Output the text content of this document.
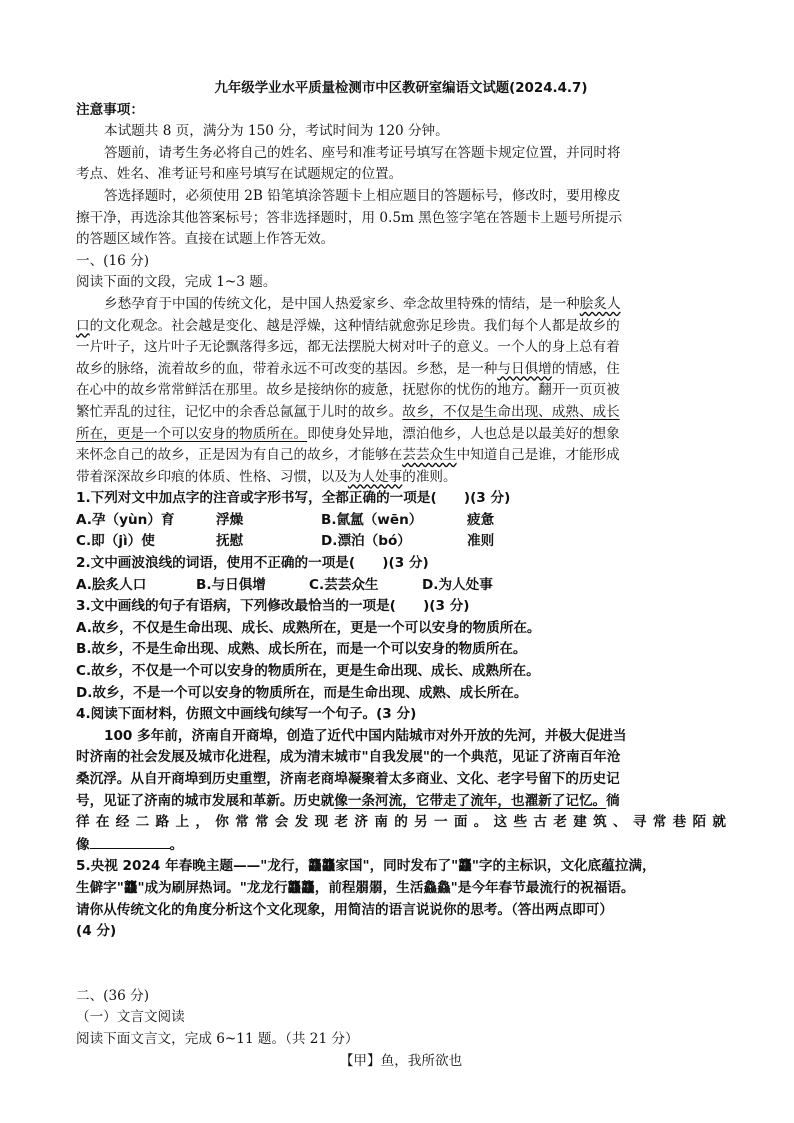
九年级学业水平质量检测市中区教研室编语文试题(2024.4.7)
注意事项：
本试题共 8 页，满分为 150 分，考试时间为 120 分钟。
答题前，请考生务必将自己的姓名、座号和准考证号填写在答题卡规定位置，并同时将
考点、姓名、准考证号和座号填写在试题规定的位置。
答选择题时，必须使用 2B 铅笔填涂答题卡上相应题目的答题标号，修改时，要用橡皮
擦干净，再选涂其他答案标号；答非选择题时，用 0.5m 黑色签字笔在答题卡上题号所提示
的答题区域作答。直接在试题上作答无效。
一、(16 分)
阅读下面的文段，完成 1~3 题。
乡愁孕育于中国的传统文化，是中国人热爱家乡、牵念故里特殊的情结，是一种脍炙人
口的文化观念。社会越是变化、越是浮燥，这种情结就愈弥足珍贵。我们每个人都是故乡的
一片叶子，这片叶子无论飘落得多远，都无法摆脱大树对叶子的意义。一个人的身上总有着
故乡的脉络，流着故乡的血，带着永远不可改变的基因。乡愁，是一种与日俱增的情感，住
在心中的故乡常常鲜活在那里。故乡是接纳你的疲惫，抚慰你的忧伤的地方。翻开一页页被
繁忙弄乱的过往，记忆中的余香总氤氲于儿时的故乡。故乡，不仅是生命出现、成熟、成长
所在，更是一个可以安身的物质所在。即使身处异地，漂泊他乡，人也总是以最美好的想象
来怀念自己的故乡，正是因为有自己的故乡，才能够在芸芸众生中知道自己是谁，才能形成
带着深深故乡印痕的体质、性格、习惯，以及为人处事的准则。
1.下列对文中加点字的注音或字形书写，全都正确的一项是(　　)(3 分)
A.孕（yùn）育	浮燥	B.氤氲（wēn）	疲惫
C.即（jì）使	抚慰	D.漂泊（bó）	准则
2.文中画波浪线的词语，使用不正确的一项是(　　)(3 分)
A.脍炙人口	B.与日俱增	C.芸芸众生	D.为人处事
3.文中画线的句子有语病，下列修改最恰当的一项是(　　)(3 分)
A.故乡，不仅是生命出现、成长、成熟所在，更是一个可以安身的物质所在。
B.故乡，不是生命出现、成熟、成长所在，而是一个可以安身的物质所在。
C.故乡，不仅是一个可以安身的物质所在，更是生命出现、成长、成熟所在。
D.故乡，不是一个可以安身的物质所在，而是生命出现、成熟、成长所在。
4.阅读下面材料，仿照文中画线句续写一个句子。(3 分)
100 多年前，济南自开商埠，创造了近代中国内陆城市对外开放的先河，并极大促进当
时济南的社会发展及城市化进程，成为清末城市"自我发展"的一个典范，见证了济南百年沧
桑沉浮。从自开商埠到历史重塑，济南老商埠凝聚着太多商业、文化、老字号留下的历史记
号，见证了济南的城市发展和革新。历史就像一条河流，它带走了流年，也濯新了记忆。徜
徉在经二路上，你常常会发现老济南的另一面。这些古老建筑、寻常巷陌就
像	。
5.央视 2024 年春晚主题——"龙行，龘龘家国"，同时发布了"龘"字的主标识，文化底蕴拉满，
生僻字"龘"成为刷屏热词。"龙龙行龘龘，前程朤朤，生活鱻鱻"是今年春节最流行的祝福语。
请你从传统文化的角度分析这个文化现象，用简洁的语言说说你的思考。（答出两点即可）
(4 分)
二、(36 分)
（一）文言文阅读
阅读下面文言文，完成 6~11 题。（共 21 分）
【甲】鱼，我所欲也
